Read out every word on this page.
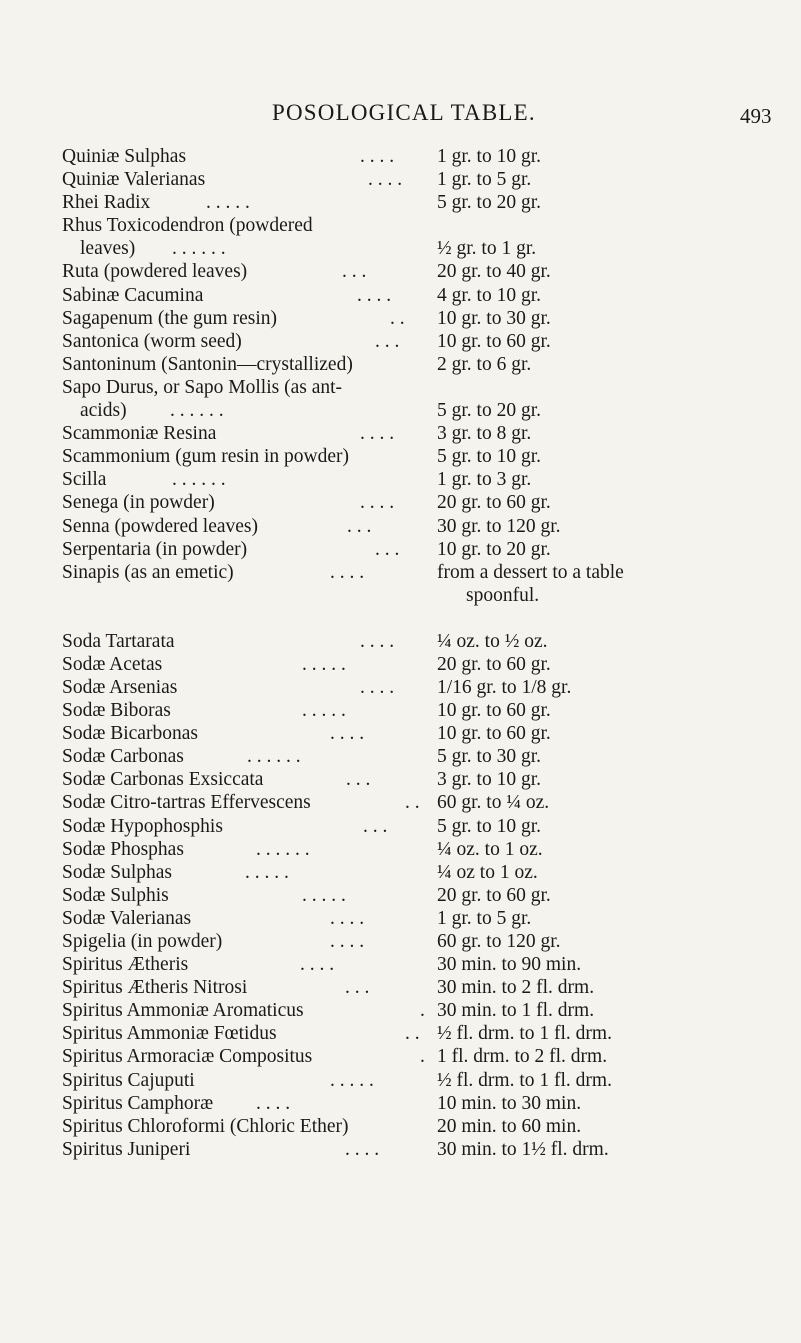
POSOLOGICAL TABLE.	493
Quiniæ Sulphas	. . . . 1 gr. to 10 gr.
Quiniæ Valerianas	. . . . 1 gr. to 5 gr.
Rhei Radix	. . . . .	5 gr. to 20 gr.
Rhus Toxicodendron (powdered
leaves) . . . . . .	½ gr. to 1 gr.
Ruta (powdered leaves)	. . .	20 gr. to 40 gr.
Sabinæ Cacumina	. . . . 4 gr. to 10 gr.
Sagapenum (the gum resin)	. . 10 gr. to 30 gr.
Santonica (worm seed)	. . . 10 gr. to 60 gr.
Santoninum (Santonin—crystallized)	2 gr. to 6 gr.
Sapo Durus, or Sapo Mollis (as ant-
acids) . . . . . .	5 gr. to 20 gr.
Scammoniæ Resina	. . . . 3 gr. to 8 gr.
Scammonium (gum resin in powder)	5 gr. to 10 gr.
Scilla	. . . . . .	1 gr. to 3 gr.
Senega (in powder)	. . . . 20 gr. to 60 gr.
Senna (powdered leaves)	. . .	30 gr. to 120 gr.
Serpentaria (in powder)	. . . 10 gr. to 20 gr.
Sinapis (as an emetic)	. . . .	from a dessert to a table
spoonful.
Soda Tartarata	. . . . ¼ oz. to ½ oz.
Sodæ Acetas	. . . . .	20 gr. to 60 gr.
Sodæ Arsenias	. . . . 1/16 gr. to 1/8 gr.
Sodæ Biboras	. . . . .	10 gr. to 60 gr.
Sodæ Bicarbonas	. . . .	10 gr. to 60 gr.
Sodæ Carbonas	. . . . . .	5 gr. to 30 gr.
Sodæ Carbonas Exsiccata	. . .	3 gr. to 10 gr.
Sodæ Citro-tartras Effervescens	. . 60 gr. to ¼ oz.
Sodæ Hypophosphis	. . .	5 gr. to 10 gr.
Sodæ Phosphas	. . . . . .	¼ oz. to 1 oz.
Sodæ Sulphas	. . . . .	¼ oz to 1 oz.
Sodæ Sulphis	. . . . .	20 gr. to 60 gr.
Sodæ Valerianas	. . . .	1 gr. to 5 gr.
Spigelia (in powder)	. . . .	60 gr. to 120 gr.
Spiritus Ætheris	. . . .	30 min. to 90 min.
Spiritus Ætheris Nitrosi	. . .	30 min. to 2 fl. drm.
Spiritus Ammoniæ Aromaticus	. 30 min. to 1 fl. drm.
Spiritus Ammoniæ Fœtidus	. . ½ fl. drm. to 1 fl. drm.
Spiritus Armoraciæ Compositus	. 1 fl. drm. to 2 fl. drm.
Spiritus Cajuputi	. . . . .	½ fl. drm. to 1 fl. drm.
Spiritus Camphoræ . . . .	10 min. to 30 min.
Spiritus Chloroformi (Chloric Ether)	20 min. to 60 min.
Spiritus Juniperi	. . . .	30 min. to 1½ fl. drm.
